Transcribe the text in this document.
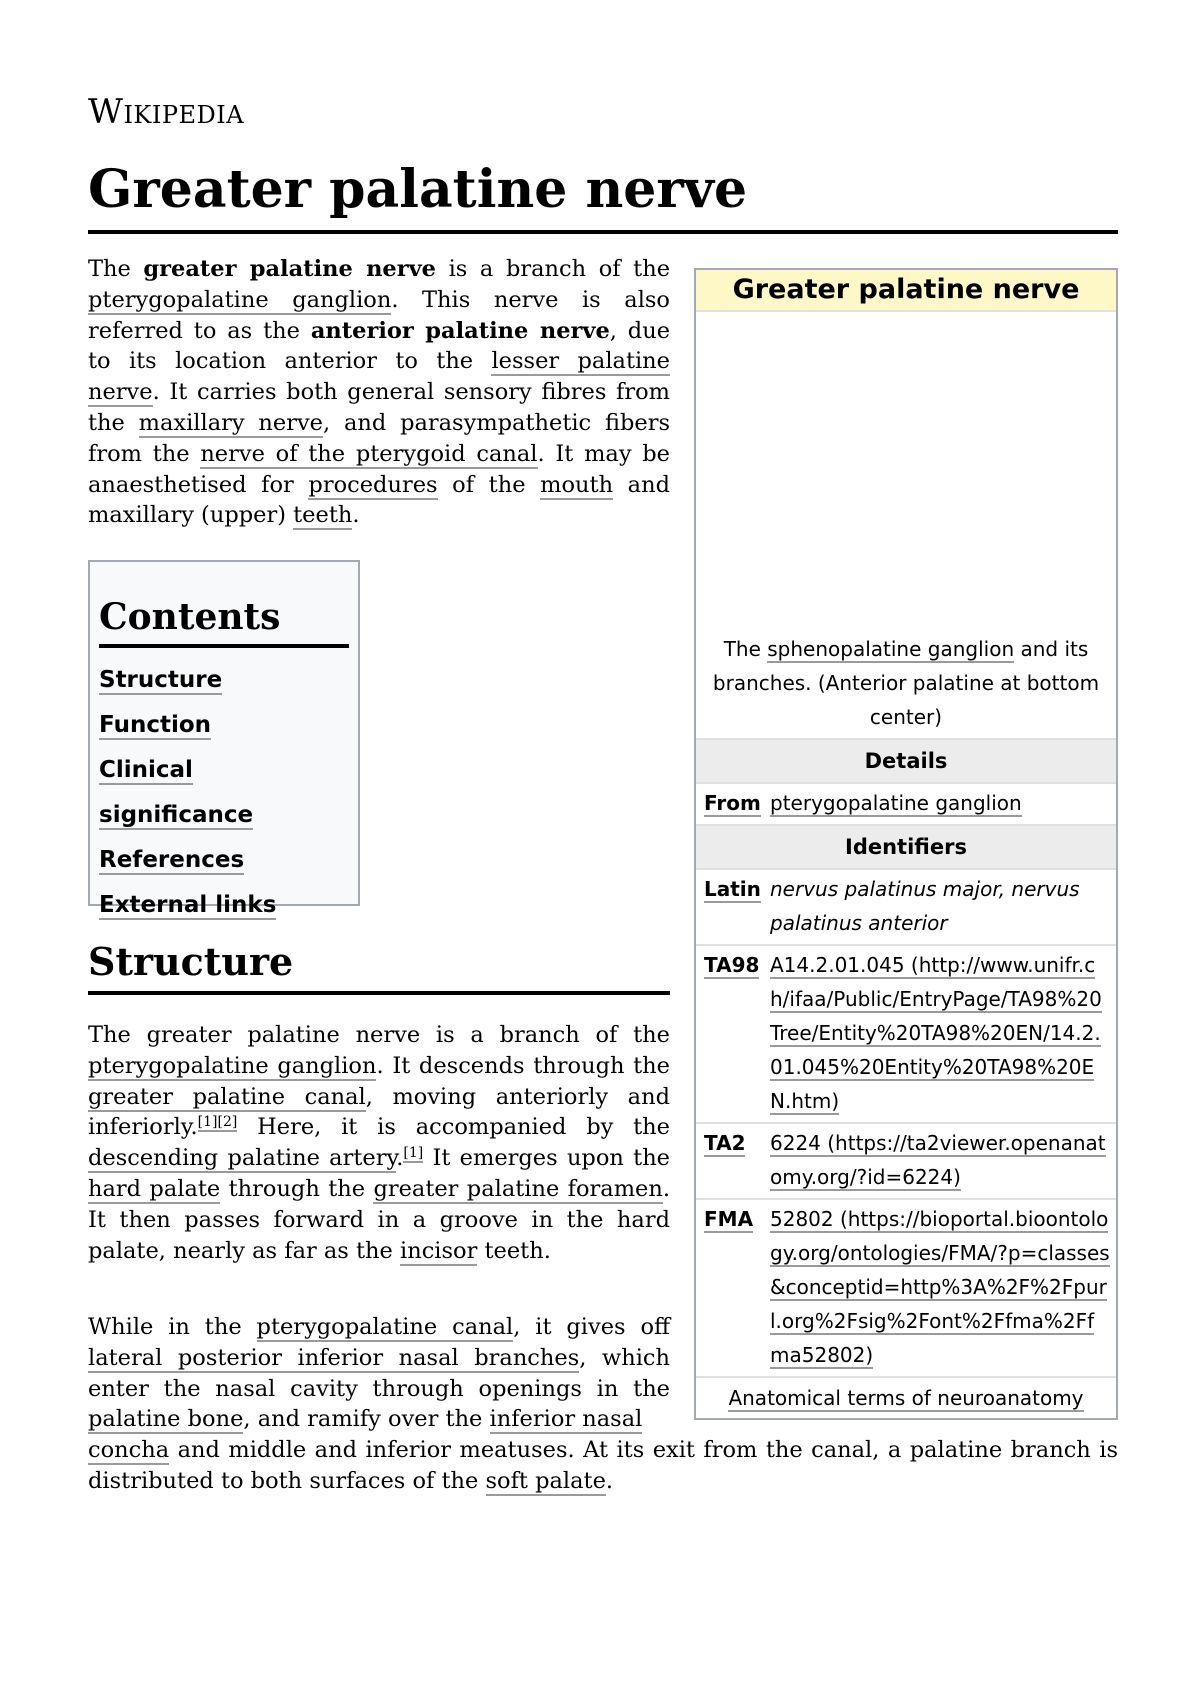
Wikipedia
Greater palatine nerve

The greater palatine nerve is a branch of the pterygopalatine ganglion. This nerve is also referred to as the anterior palatine nerve, due to its location anterior to the lesser palatine nerve. It carries both general sensory fibres from the maxillary nerve, and parasympathetic fibers from the nerve of the pterygoid canal. It may be anaesthetised for procedures of the mouth and maxillary (upper) teeth.

Contents
Structure
Function
Clinical significance
References
External links
Structure

The greater palatine nerve is a branch of the pterygopalatine ganglion. It descends through the greater palatine canal, moving anteriorly and inferiorly.[1][2] Here, it is accompanied by the descending palatine artery.[1] It emerges upon the hard palate through the greater palatine foramen. It then passes forward in a groove in the hard palate, nearly as far as the incisor teeth.

While in the pterygopalatine canal, it gives off lateral posterior inferior nasal branches, which enter the nasal cavity through openings in the palatine bone, and ramify over the inferior nasal

concha and middle and inferior meatuses. At its exit from the canal, a palatine branch is distributed to both surfaces of the soft palate.

Greater palatine nerve
The sphenopalatine ganglion and its branches. (Anterior palatine at bottom center)
Details
From pterygopalatine ganglion
Identifiers
Latin nervus palatinus major, nervus palatinus anterior
TA98 A14.2.01.045 (http://www.unifr.ch/ifaa/Public/EntryPage/TA98%20Tree/Entity%20TA98%20EN/14.2.01.045%20Entity%20TA98%20EN.htm)
TA2	6224 (https://ta2viewer.openanatomy.org/?id=6224)
FMA 52802 (https://bioportal.bioontology.org/ontologies/FMA/?p=classes&conceptid=http%3A%2F%2Fpurl.org%2Fsig%2Font%2Ffma%2Ffma52802)
Anatomical terms of neuroanatomy
